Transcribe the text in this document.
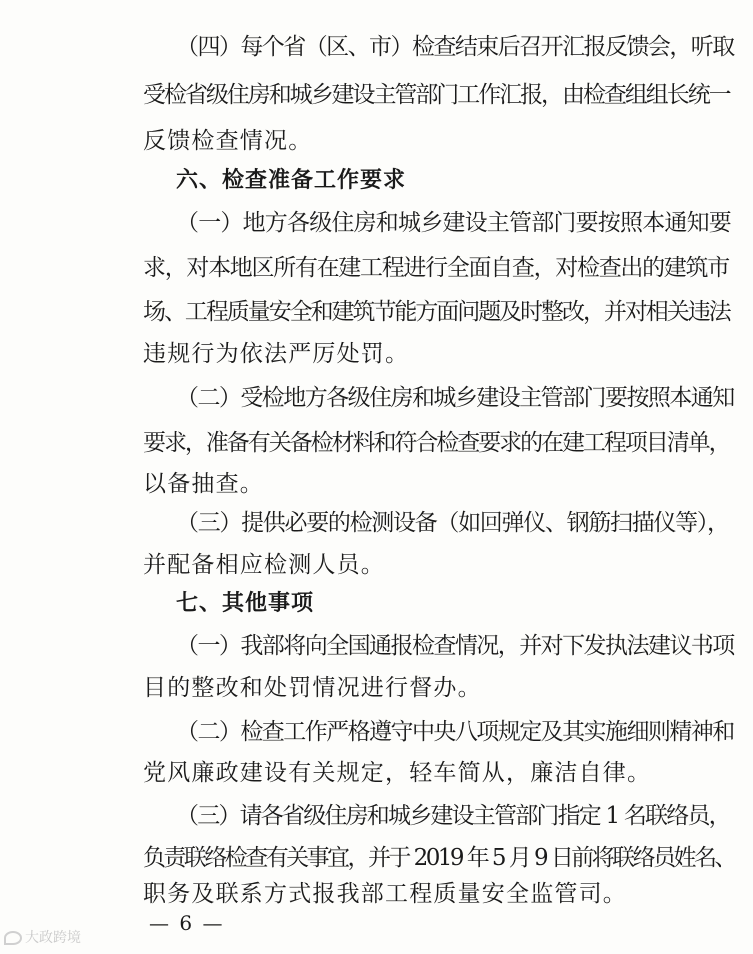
（四）每个省（区、市）检查结束后召开汇报反馈会，听取
受检省级住房和城乡建设主管部门工作汇报，由检查组组长统一
反馈检查情况。
六、检查准备工作要求
（一）地方各级住房和城乡建设主管部门要按照本通知要
求，对本地区所有在建工程进行全面自查，对检查出的建筑市
场、工程质量安全和建筑节能方面问题及时整改，并对相关违法
违规行为依法严厉处罚。
（二）受检地方各级住房和城乡建设主管部门要按照本通知
要求，准备有关备检材料和符合检查要求的在建工程项目清单，
以备抽查。
（三）提供必要的检测设备（如回弹仪、钢筋扫描仪等），
并配备相应检测人员。
七、其他事项
（一）我部将向全国通报检查情况，并对下发执法建议书项
目的整改和处罚情况进行督办。
（二）检查工作严格遵守中央八项规定及其实施细则精神和
党风廉政建设有关规定，轻车简从，廉洁自律。
（三）请各省级住房和城乡建设主管部门指定 1 名联络员，
负责联络检查有关事宜，并于 2019 年 5 月 9 日前将联络员姓名、
职务及联系方式报我部工程质量安全监管司。
— 6 —
大政跨境
